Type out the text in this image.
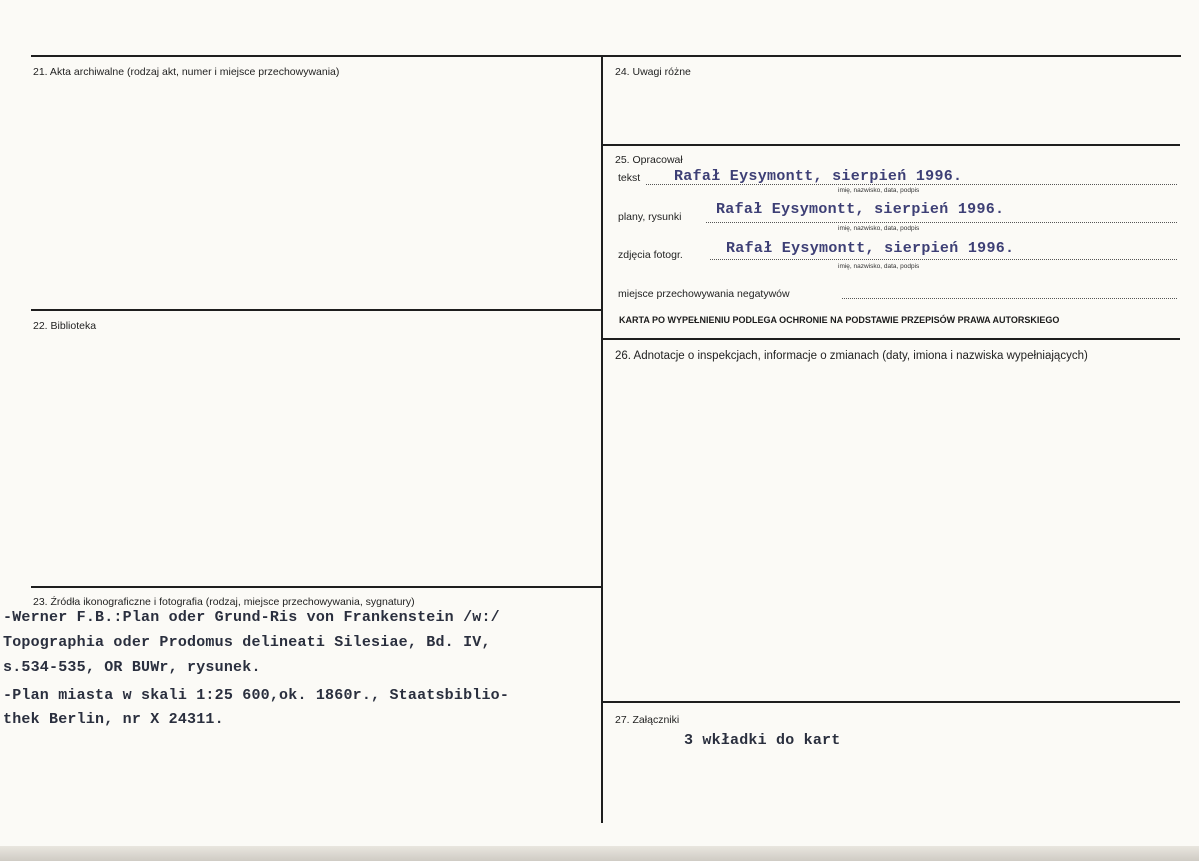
21. Akta archiwalne (rodzaj akt, numer i miejsce przechowywania)
22. Biblioteka
23. Źródła ikonograficzne i fotografia (rodzaj, miejsce przechowywania, sygnatury)
-Werner F.B.:Plan oder Grund-Ris von Frankenstein /w:/
Topographia oder Prodomus delineati Silesiae, Bd. IV,
s.534-535, OR BUWr, rysunek.
-Plan miasta w skali 1:25 600,ok. 1860r., Staatsbiblio-
thek Berlin, nr X 24311.
24. Uwagi różne
25. Opracował
tekst Rafał Eysymontt, sierpień 1996.
imię, nazwisko, data, podpis
plany, rysunki Rafał Eysymontt, sierpień 1996.
imię, nazwisko, data, podpis
zdjęcia fotogr.	Rafał Eysymontt, sierpień 1996.
imię, nazwisko, data, podpis
miejsce przechowywania negatywów
KARTA PO WYPEŁNIENIU PODLEGA OCHRONIE NA PODSTAWIE PRZEPISÓW PRAWA AUTORSKIEGO
26. Adnotacje o inspekcjach, informacje o zmianach (daty, imiona i nazwiska wypełniających)
27. Załączniki
3 wkładki do kart
